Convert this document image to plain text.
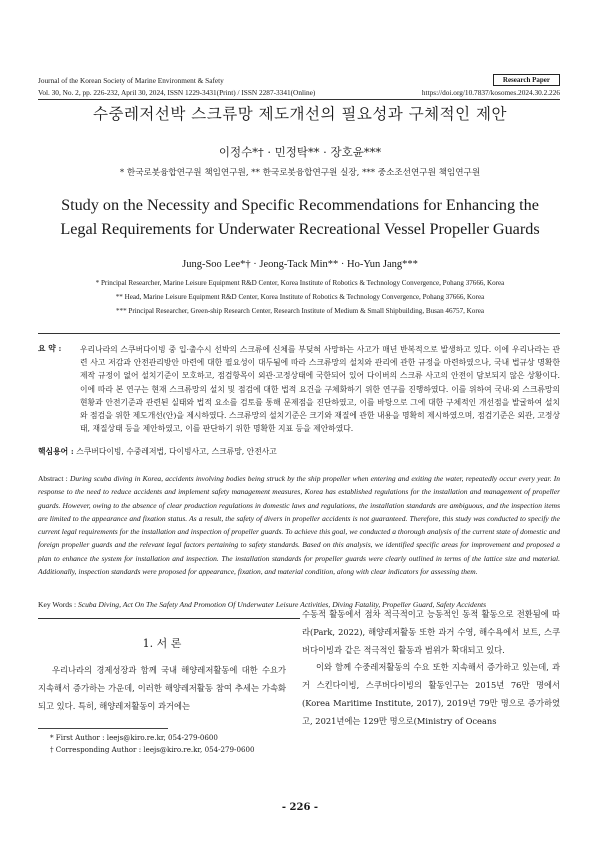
Journal of the Korean Society of Marine Environment & Safety	Research Paper
Vol. 30, No. 2, pp. 226-232, April 30, 2024, ISSN 1229-3431(Print) / ISSN 2287-3341(Online)	https://doi.org/10.7837/kosomes.2024.30.2.226
수중레저선박 스크류망 제도개선의 필요성과 구체적인 제안
이정수*† · 민정탁** · 장호윤***
* 한국로봇융합연구원 책임연구원, ** 한국로봇융합연구원 실장, *** 중소조선연구원 책임연구원
Study on the Necessity and Specific Recommendations for Enhancing the
Legal Requirements for Underwater Recreational Vessel Propeller Guards
Jung-Soo Lee*† · Jeong-Tack Min** · Ho-Yun Jang***
* Principal Researcher, Marine Leisure Equipment R&D Center, Korea Institute of Robotics & Technology Convergence, Pohang 37666, Korea
** Head, Marine Leisure Equipment R&D Center, Korea Institute of Robotics & Technology Convergence, Pohang 37666, Korea
*** Principal Researcher, Green-ship Research Center, Research Institute of Medium & Small Shipbuilding, Busan 46757, Korea
요 약 : 우리나라의 스쿠버다이빙 중 입·출수시 선박의 스크류에 신체를 부딪혀 사망하는 사고가 매년 반복적으로 발생하고 있다. 이에 우리나라는 관련 사고 저감과 안전관리방안 마련에 대한 필요성이 대두됨에 따라 스크류망의 설치와 관리에 관한 규정을 마련하였으나, 국내 법규상 명확한 제작 규정이 없어 설치기준이 모호하고, 점검항목이 외관·고정상태에 국한되어 있어 다이버의 스크류 사고의 안전이 담보되지 않은 상황이다. 이에 따라 본 연구는 현재 스크류망의 설치 및 점검에 대한 법적 요건을 구체화하기 위한 연구를 진행하였다. 이를 위하여 국내·외 스크류망의 현황과 안전기준과 관련된 실태와 법적 요소를 검토를 통해 문제점을 진단하였고, 이를 바탕으로 그에 대한 구체적인 개선점을 발굴하여 설치와 점검을 위한 제도개선(안)을 제시하였다. 스크류망의 설치기준은 크기와 재질에 관한 내용을 명확히 제시하였으며, 점검기준은 외관, 고정상태, 재질상태 등을 제안하였고, 이를 판단하기 위한 명확한 지표 등을 제안하였다.
핵심용어 : 스쿠버다이빙, 수중레저법, 다이빙사고, 스크류망, 안전사고
Abstract : During scuba diving in Korea, accidents involving bodies being struck by the ship propeller when entering and exiting the water, repeatedly occur every year. In response to the need to reduce accidents and implement safety management measures, Korea has established regulations for the installation and management of propeller guards. However, owing to the absence of clear production regulations in domestic laws and regulations, the installation standards are ambiguous, and the inspection items are limited to the appearance and fixation status. As a result, the safety of divers in propeller accidents is not guaranteed. Therefore, this study was conducted to specify the current legal requirements for the installation and inspection of propeller guards. To achieve this goal, we conducted a thorough analysis of the current state of domestic and foreign propeller guards and the relevant legal factors pertaining to safety standards. Based on this analysis, we identified specific areas for improvement and proposed a plan to enhance the system for installation and inspection. The installation standards for propeller guards were clearly outlined in terms of the lattice size and material. Additionally, inspection standards were proposed for appearance, fixation, and material condition, along with clear indicators for assessing them.
Key Words : Scuba Diving, Act On The Safety And Promotion Of Underwater Leisure Activities, Diving Fatality, Propeller Guard, Safety Accidents
1. 서 론
우리나라의 경제성장과 함께 국내 해양레저활동에 대한 수요가 지속해서 증가하는 가운데, 이러한 해양레저활동 참여 추세는 가속화되고 있다. 특히, 해양레저활동이 과거에는

수동적 활동에서 점차 적극적이고 능동적인 동적 활동으로 전환됨에 따라(Park, 2022), 해양레저활동 또한 과거 수영, 해수욕에서 보트, 스쿠버다이빙과 같은 적극적인 활동과 범위가 확대되고 있다.

이와 함께 수중레저활동의 수요 또한 지속해서 증가하고 있는데, 과거 스킨다이빙, 스쿠버다이빙의 활동인구는 2015년 76만 명에서(Korea Maritime Institute, 2017), 2019년 79만 명으로 증가하였고, 2021년에는 129만 명으로(Ministry of Oceans

* First Author : leejs@kiro.re.kr, 054-279-0600
† Corresponding Author : leejs@kiro.re.kr, 054-279-0600
- 226 -
